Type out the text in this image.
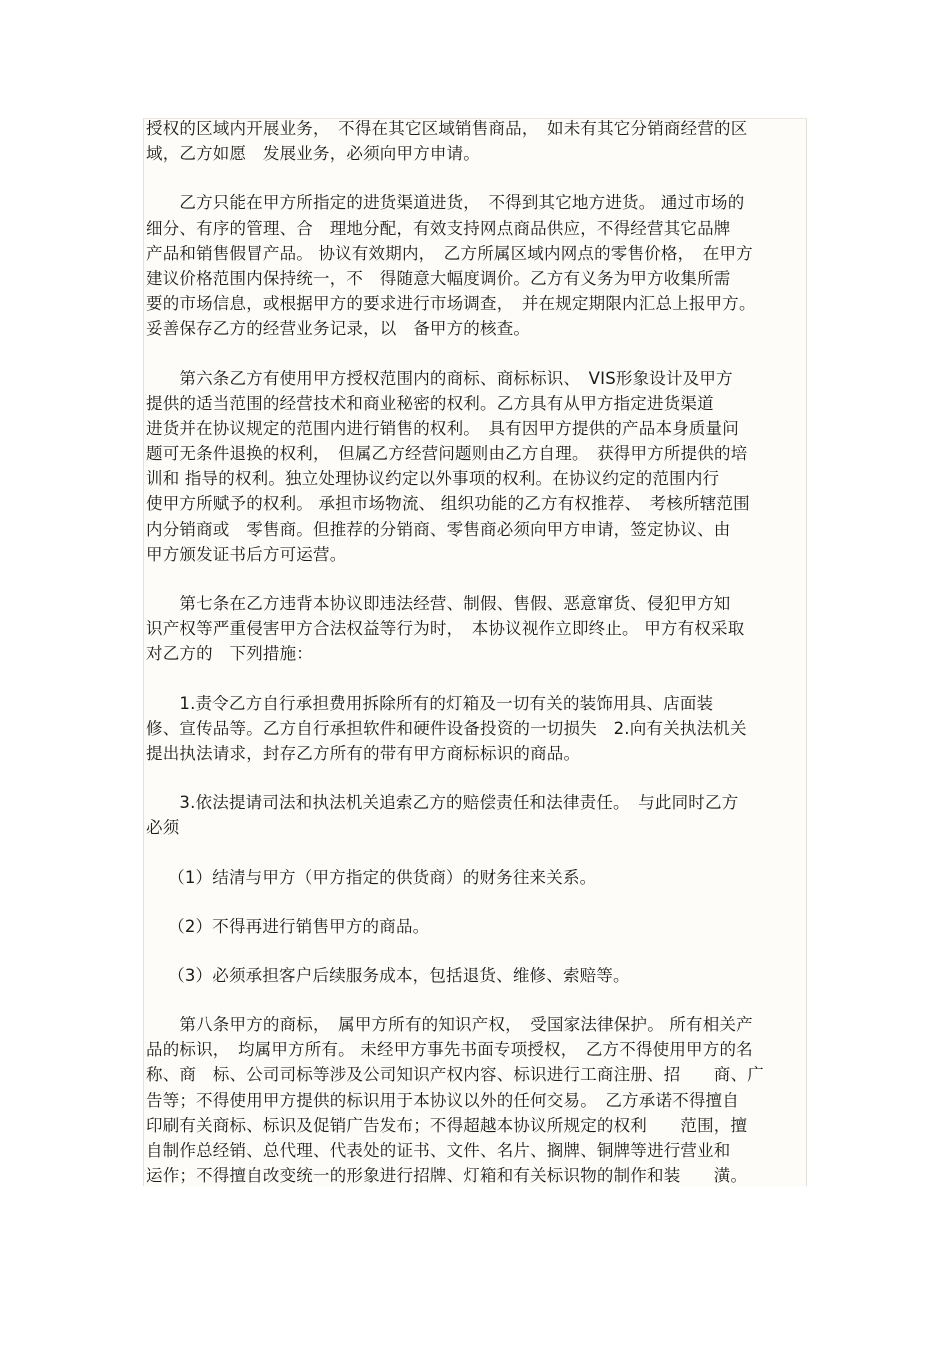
授权的区域内开展业务，　不得在其它区域销售商品，　如未有其它分销商经营的区
域，乙方如愿　发展业务，必须向甲方申请。
　　乙方只能在甲方所指定的进货渠道进货，　不得到其它地方进货。 通过市场的
细分、有序的管理、合　理地分配，有效支持网点商品供应，不得经营其它品牌
产品和销售假冒产品。 协议有效期内，　乙方所属区域内网点的零售价格，　在甲方
建议价格范围内保持统一，不　得随意大幅度调价。乙方有义务为甲方收集所需
要的市场信息，或根据甲方的要求进行市场调查，　并在规定期限内汇总上报甲方。
妥善保存乙方的经营业务记录，以　备甲方的核查。
　　第六条乙方有使用甲方授权范围内的商标、商标标识、　VIS形象设计及甲方
提供的适当范围的经营技术和商业秘密的权利。乙方具有从甲方指定进货渠道
进货并在协议规定的范围内进行销售的权利。　具有因甲方提供的产品本身质量问
题可无条件退换的权利，　但属乙方经营问题则由乙方自理。　获得甲方所提供的培
训和 指导的权利。独立处理协议约定以外事项的权利。在协议约定的范围内行
使甲方所赋予的权利。 承担市场物流、 组织功能的乙方有权推荐、　考核所辖范围
内分销商或　零售商。但推荐的分销商、零售商必须向甲方申请，签定协议、由
甲方颁发证书后方可运营。
　　第七条在乙方违背本协议即违法经营、制假、售假、恶意窜货、侵犯甲方知
识产权等严重侵害甲方合法权益等行为时，　本协议视作立即终止。 甲方有权采取
对乙方的　下列措施：
　　1.责令乙方自行承担费用拆除所有的灯箱及一切有关的装饰用具、店面装
修、宣传品等。乙方自行承担软件和硬件设备投资的一切损失　2.向有关执法机关
提出执法请求，封存乙方所有的带有甲方商标标识的商品。
　　3.依法提请司法和执法机关追索乙方的赔偿责任和法律责任。　与此同时乙方
必须
　 （1）结清与甲方（甲方指定的供货商）的财务往来关系。
　 （2）不得再进行销售甲方的商品。
　 （3）必须承担客户后续服务成本，包括退货、维修、索赔等。
　　第八条甲方的商标，　属甲方所有的知识产权，　受国家法律保护。 所有相关产
品的标识，　均属甲方所有。 未经甲方事先书面专项授权，　乙方不得使用甲方的名
称、商　标、公司司标等涉及公司知识产权内容、标识进行工商注册、招　　商、广
告等；不得使用甲方提供的标识用于本协议以外的任何交易。　乙方承诺不得擅自
印刷有关商标、标识及促销广告发布；不得超越本协议所规定的权利　　范围，擅
自制作总经销、总代理、代表处的证书、文件、名片、搁牌、铜牌等进行营业和
运作；不得擅自改变统一的形象进行招牌、灯箱和有关标识物的制作和装　　潢。
